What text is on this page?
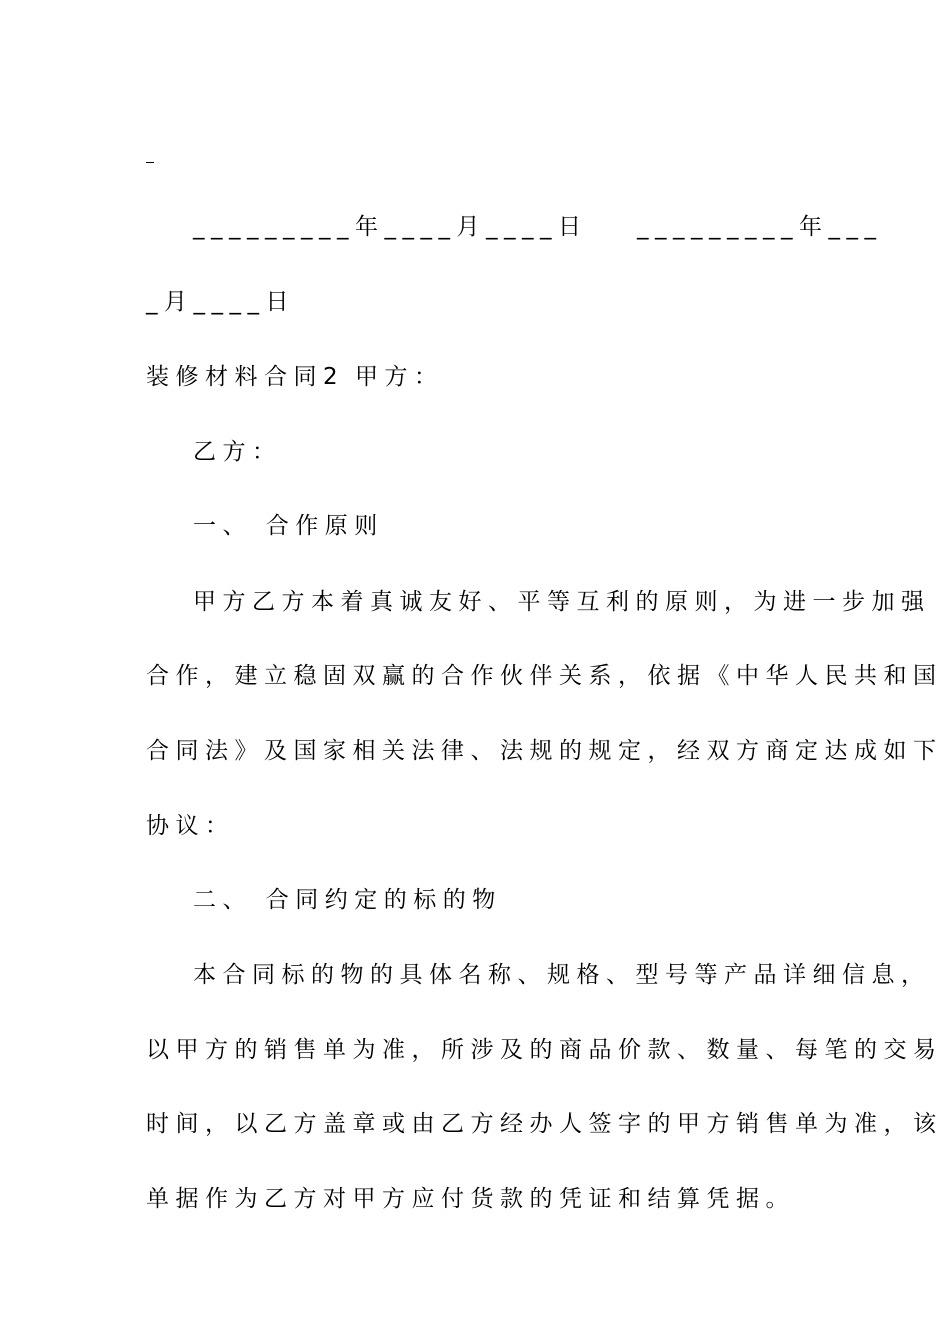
_________年____月____日 _________年___
_月____日
装修材料合同2 甲方：
乙方：
一、 合作原则
甲方乙方本着真诚友好、平等互利的原则，为进一步加强
合作，建立稳固双赢的合作伙伴关系，依据《中华人民共和国
合同法》及国家相关法律、法规的规定，经双方商定达成如下
协议：
二、 合同约定的标的物
本合同标的物的具体名称、规格、型号等产品详细信息，
以甲方的销售单为准，所涉及的商品价款、数量、每笔的交易
时间，以乙方盖章或由乙方经办人签字的甲方销售单为准，该
单据作为乙方对甲方应付货款的凭证和结算凭据。
